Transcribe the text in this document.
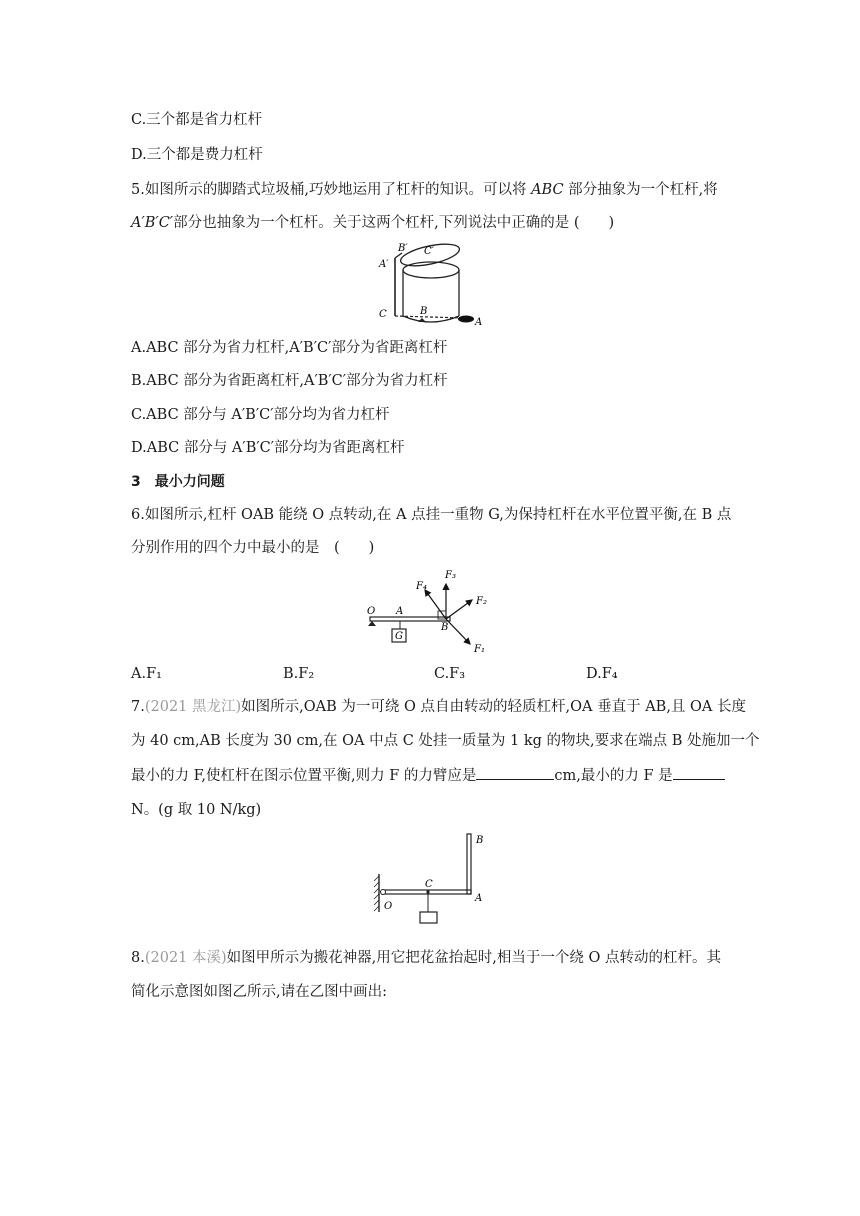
C.三个都是省力杠杆
D.三个都是费力杠杆
5.如图所示的脚踏式垃圾桶,巧妙地运用了杠杆的知识。可以将 ABC 部分抽象为一个杠杆,将
A′B′C′部分也抽象为一个杠杆。关于这两个杠杆,下列说法中正确的是 (　　)
B′ C′
A′
B
C
A
A.ABC 部分为省力杠杆,A′B′C′部分为省距离杠杆
B.ABC 部分为省距离杠杆,A′B′C′部分为省力杠杆
C.ABC 部分与 A′B′C′部分均为省力杠杆
D.ABC 部分与 A′B′C′部分均为省距离杠杆
3　最小力问题
6.如图所示,杠杆 OAB 能绕 O 点转动,在 A 点挂一重物 G,为保持杠杆在水平位置平衡,在 B 点
分别作用的四个力中最小的是　(　　)
G
O A
B
F₃
F₂
F₁
F₄
A.F₁	B.F₂	C.F₃	D.F₄
7.(2021 黑龙江)如图所示,OAB 为一可绕 O 点自由转动的轻质杠杆,OA 垂直于 AB,且 OA 长度
为 40 cm,AB 长度为 30 cm,在 OA 中点 C 处挂一质量为 1 kg 的物块,要求在端点 B 处施加一个
最小的力 F,使杠杆在图示位置平衡,则力 F 的力臂应是	cm,最小的力 F 是
N。(g 取 10 N/kg)
B
C
A
O
8.(2021 本溪)如图甲所示为搬花神器,用它把花盆抬起时,相当于一个绕 O 点转动的杠杆。其
简化示意图如图乙所示,请在乙图中画出:
